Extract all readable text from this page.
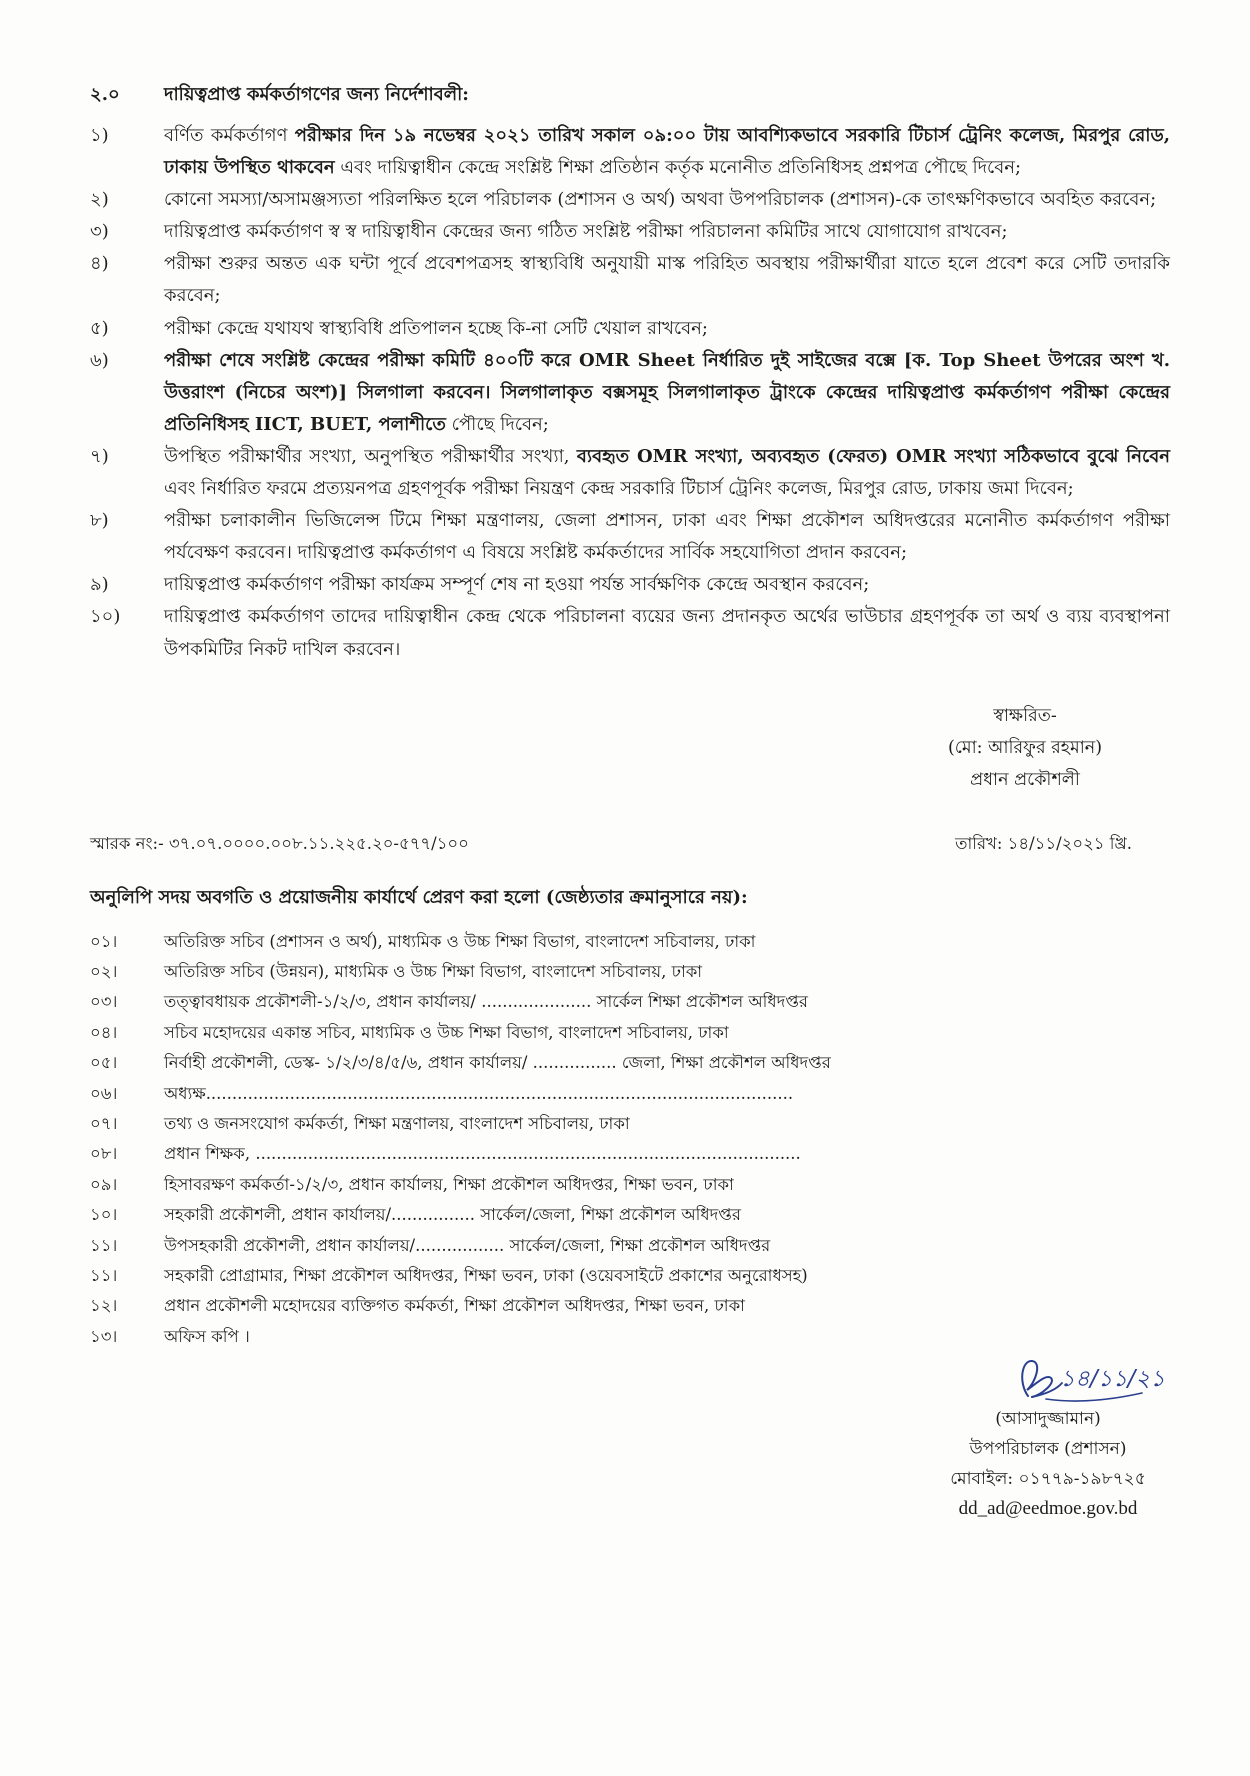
২.০	দায়িত্বপ্রাপ্ত কর্মকর্তাগণের জন্য নির্দেশাবলী:
১)	বর্ণিত কর্মকর্তাগণ পরীক্ষার দিন ১৯ নভেম্বর ২০২১ তারিখ সকাল ০৯:০০ টায় আবশ্যিকভাবে সরকারি টিচার্স ট্রেনিং কলেজ, মিরপুর রোড, ঢাকায় উপস্থিত থাকবেন এবং দায়িত্বাধীন কেন্দ্রে সংশ্লিষ্ট শিক্ষা প্রতিষ্ঠান কর্তৃক মনোনীত প্রতিনিধিসহ প্রশ্নপত্র পৌছে দিবেন;
২)	কোনো সমস্যা/অসামঞ্জস্যতা পরিলক্ষিত হলে পরিচালক (প্রশাসন ও অর্থ) অথবা উপপরিচালক (প্রশাসন)-কে তাৎক্ষণিকভাবে অবহিত করবেন;
৩)	দায়িত্বপ্রাপ্ত কর্মকর্তাগণ স্ব স্ব দায়িত্বাধীন কেন্দ্রের জন্য গঠিত সংশ্লিষ্ট পরীক্ষা পরিচালনা কমিটির সাথে যোগাযোগ রাখবেন;
৪)	পরীক্ষা শুরুর অন্তত এক ঘন্টা পূর্বে প্রবেশপত্রসহ স্বাস্থ্যবিধি অনুযায়ী মাস্ক পরিহিত অবস্থায় পরীক্ষার্থীরা যাতে হলে প্রবেশ করে সেটি তদারকি করবেন;
৫)	পরীক্ষা কেন্দ্রে যথাযথ স্বাস্থ্যবিধি প্রতিপালন হচ্ছে কি-না সেটি খেয়াল রাখবেন;
৬)	পরীক্ষা শেষে সংশ্লিষ্ট কেন্দ্রের পরীক্ষা কমিটি ৪০০টি করে OMR Sheet নির্ধারিত দুই সাইজের বক্সে [ক. Top Sheet উপরের অংশ খ. উত্তরাংশ (নিচের অংশ)] সিলগালা করবেন। সিলগালাকৃত বক্সসমূহ সিলগালাকৃত ট্রাংকে কেন্দ্রের দায়িত্বপ্রাপ্ত কর্মকর্তাগণ পরীক্ষা কেন্দ্রের প্রতিনিধিসহ IICT, BUET, পলাশীতে পৌছে দিবেন;
৭)	উপস্থিত পরীক্ষার্থীর সংখ্যা, অনুপস্থিত পরীক্ষার্থীর সংখ্যা, ব্যবহৃত OMR সংখ্যা, অব্যবহৃত (ফেরত) OMR সংখ্যা সঠিকভাবে বুঝে নিবেন এবং নির্ধারিত ফরমে প্রত্যয়নপত্র গ্রহণপূর্বক পরীক্ষা নিয়ন্ত্রণ কেন্দ্র সরকারি টিচার্স ট্রেনিং কলেজ, মিরপুর রোড, ঢাকায় জমা দিবেন;
৮)	পরীক্ষা চলাকালীন ভিজিলেন্স টিমে শিক্ষা মন্ত্রণালয়, জেলা প্রশাসন, ঢাকা এবং শিক্ষা প্রকৌশল অধিদপ্তরের মনোনীত কর্মকর্তাগণ পরীক্ষা পর্যবেক্ষণ করবেন। দায়িত্বপ্রাপ্ত কর্মকর্তাগণ এ বিষয়ে সংশ্লিষ্ট কর্মকর্তাদের সার্বিক সহযোগিতা প্রদান করবেন;
৯)	দায়িত্বপ্রাপ্ত কর্মকর্তাগণ পরীক্ষা কার্যক্রম সম্পূর্ণ শেষ না হওয়া পর্যন্ত সার্বক্ষণিক কেন্দ্রে অবস্থান করবেন;
১০)	দায়িত্বপ্রাপ্ত কর্মকর্তাগণ তাদের দায়িত্বাধীন কেন্দ্র থেকে পরিচালনা ব্যয়ের জন্য প্রদানকৃত অর্থের ভাউচার গ্রহণপূর্বক তা অর্থ ও ব্যয় ব্যবস্থাপনা উপকমিটির নিকট দাখিল করবেন।
স্বাক্ষরিত-
(মো: আরিফুর রহমান)
প্রধান প্রকৌশলী
স্মারক নং:- ৩৭.০৭.০০০০.০০৮.১১.২২৫.২০-৫৭৭/১০০	তারিখ: ১৪/১১/২০২১ খ্রি.
অনুলিপি সদয় অবগতি ও প্রয়োজনীয় কার্যার্থে প্রেরণ করা হলো (জেষ্ঠ্যতার ক্রমানুসারে নয়):
০১।	অতিরিক্ত সচিব (প্রশাসন ও অর্থ), মাধ্যমিক ও উচ্চ শিক্ষা বিভাগ, বাংলাদেশ সচিবালয়, ঢাকা
০২।	অতিরিক্ত সচিব (উন্নয়ন), মাধ্যমিক ও উচ্চ শিক্ষা বিভাগ, বাংলাদেশ সচিবালয়, ঢাকা
০৩।	তত্ত্বাবধায়ক প্রকৌশলী-১/২/৩, প্রধান কার্যালয়/ ..................... সার্কেল শিক্ষা প্রকৌশল অধিদপ্তর
০৪।	সচিব মহোদয়ের একান্ত সচিব, মাধ্যমিক ও উচ্চ শিক্ষা বিভাগ, বাংলাদেশ সচিবালয়, ঢাকা
০৫।	নির্বাহী প্রকৌশলী, ডেস্ক- ১/২/৩/৪/৫/৬, প্রধান কার্যালয়/ ................ জেলা, শিক্ষা প্রকৌশল অধিদপ্তর
০৬।	অধ্যক্ষ................................................................................................................
০৭।	তথ্য ও জনসংযোগ কর্মকর্তা, শিক্ষা মন্ত্রণালয়, বাংলাদেশ সচিবালয়, ঢাকা
০৮।	প্রধান শিক্ষক, ........................................................................................................
০৯।	হিসাবরক্ষণ কর্মকর্তা-১/২/৩, প্রধান কার্যালয়, শিক্ষা প্রকৌশল অধিদপ্তর, শিক্ষা ভবন, ঢাকা
১০।	সহকারী প্রকৌশলী, প্রধান কার্যালয়/................ সার্কেল/জেলা, শিক্ষা প্রকৌশল অধিদপ্তর
১১।	উপসহকারী প্রকৌশলী, প্রধান কার্যালয়/................. সার্কেল/জেলা, শিক্ষা প্রকৌশল অধিদপ্তর
১১।	সহকারী প্রোগ্রামার, শিক্ষা প্রকৌশল অধিদপ্তর, শিক্ষা ভবন, ঢাকা (ওয়েবসাইটে প্রকাশের অনুরোধসহ)
১২।	প্রধান প্রকৌশলী মহোদয়ের ব্যক্তিগত কর্মকর্তা, শিক্ষা প্রকৌশল অধিদপ্তর, শিক্ষা ভবন, ঢাকা
১৩।	অফিস কপি ।
১৪/১১/২১
(আসাদুজ্জামান)
উপপরিচালক (প্রশাসন)
মোবাইল: ০১৭৭৯-১৯৮৭২৫
dd_ad@eedmoe.gov.bd
